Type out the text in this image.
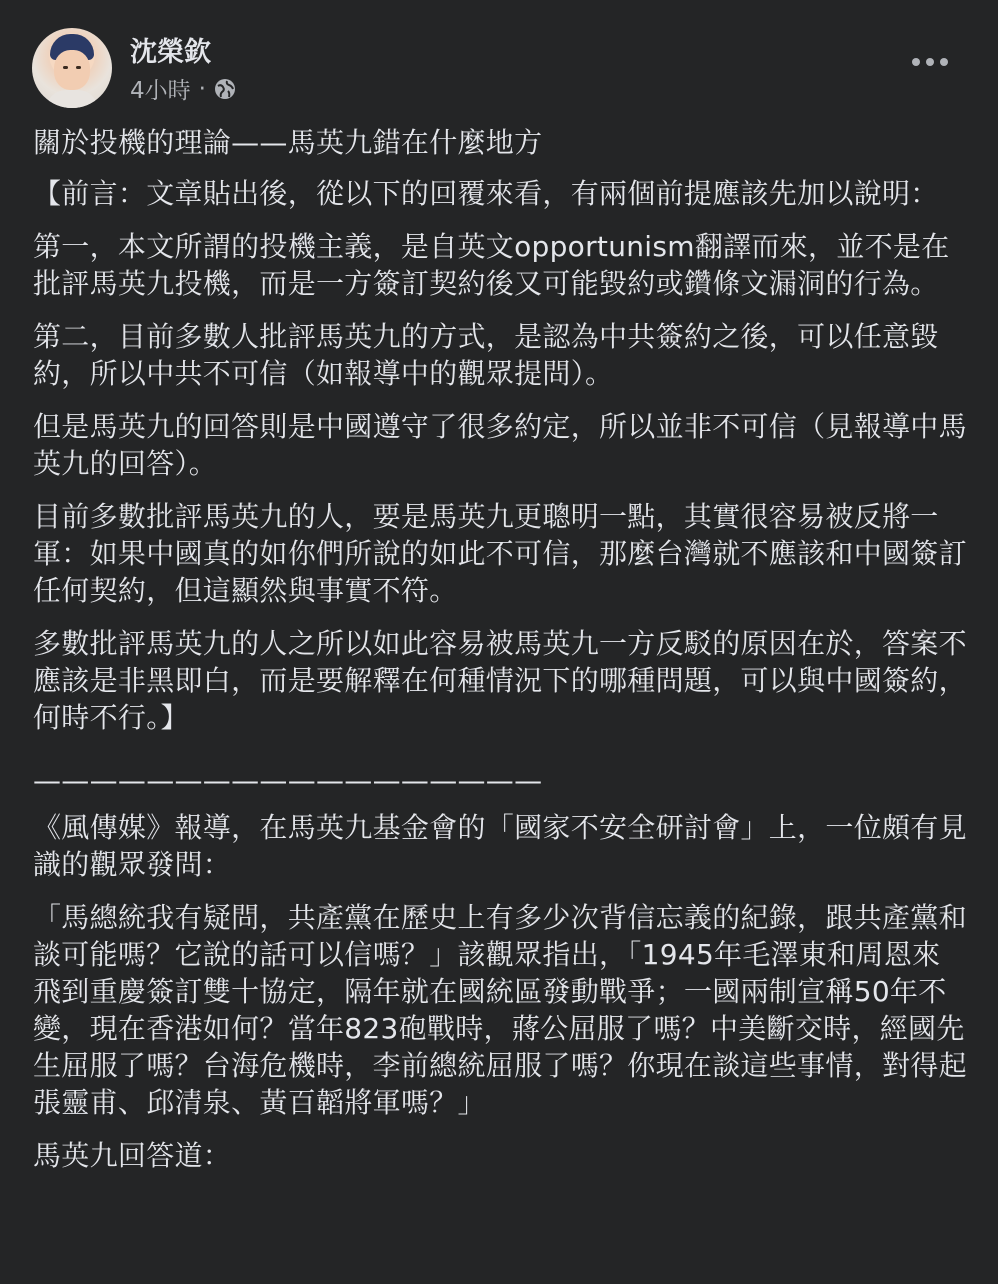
沈榮欽
4小時 ·

關於投機的理論——馬英九錯在什麼地方

【前言：文章貼出後，從以下的回覆來看，有兩個前提應該先加以說明：

第一，本文所謂的投機主義，是自英文opportunism翻譯而來，並不是在批評馬英九投機，而是一方簽訂契約後又可能毀約或鑽條文漏洞的行為。

第二，目前多數人批評馬英九的方式，是認為中共簽約之後，可以任意毀約，所以中共不可信（如報導中的觀眾提問）。

但是馬英九的回答則是中國遵守了很多約定，所以並非不可信（見報導中馬英九的回答）。

目前多數批評馬英九的人，要是馬英九更聰明一點，其實很容易被反將一軍：如果中國真的如你們所說的如此不可信，那麼台灣就不應該和中國簽訂任何契約，但這顯然與事實不符。

多數批評馬英九的人之所以如此容易被馬英九一方反駁的原因在於，答案不應該是非黑即白，而是要解釋在何種情況下的哪種問題，可以與中國簽約，何時不行。】

——————————————————

《風傳媒》報導，在馬英九基金會的「國家不安全研討會」上，一位頗有見識的觀眾發問：

「馬總統我有疑問，共產黨在歷史上有多少次背信忘義的紀錄，跟共產黨和談可能嗎？它說的話可以信嗎？」該觀眾指出，「1945年毛澤東和周恩來飛到重慶簽訂雙十協定，隔年就在國統區發動戰爭；一國兩制宣稱50年不變，現在香港如何？當年823砲戰時，蔣公屈服了嗎？中美斷交時，經國先生屈服了嗎？台海危機時，李前總統屈服了嗎？你現在談這些事情，對得起張靈甫、邱清泉、黃百韜將軍嗎？」

馬英九回答道：
